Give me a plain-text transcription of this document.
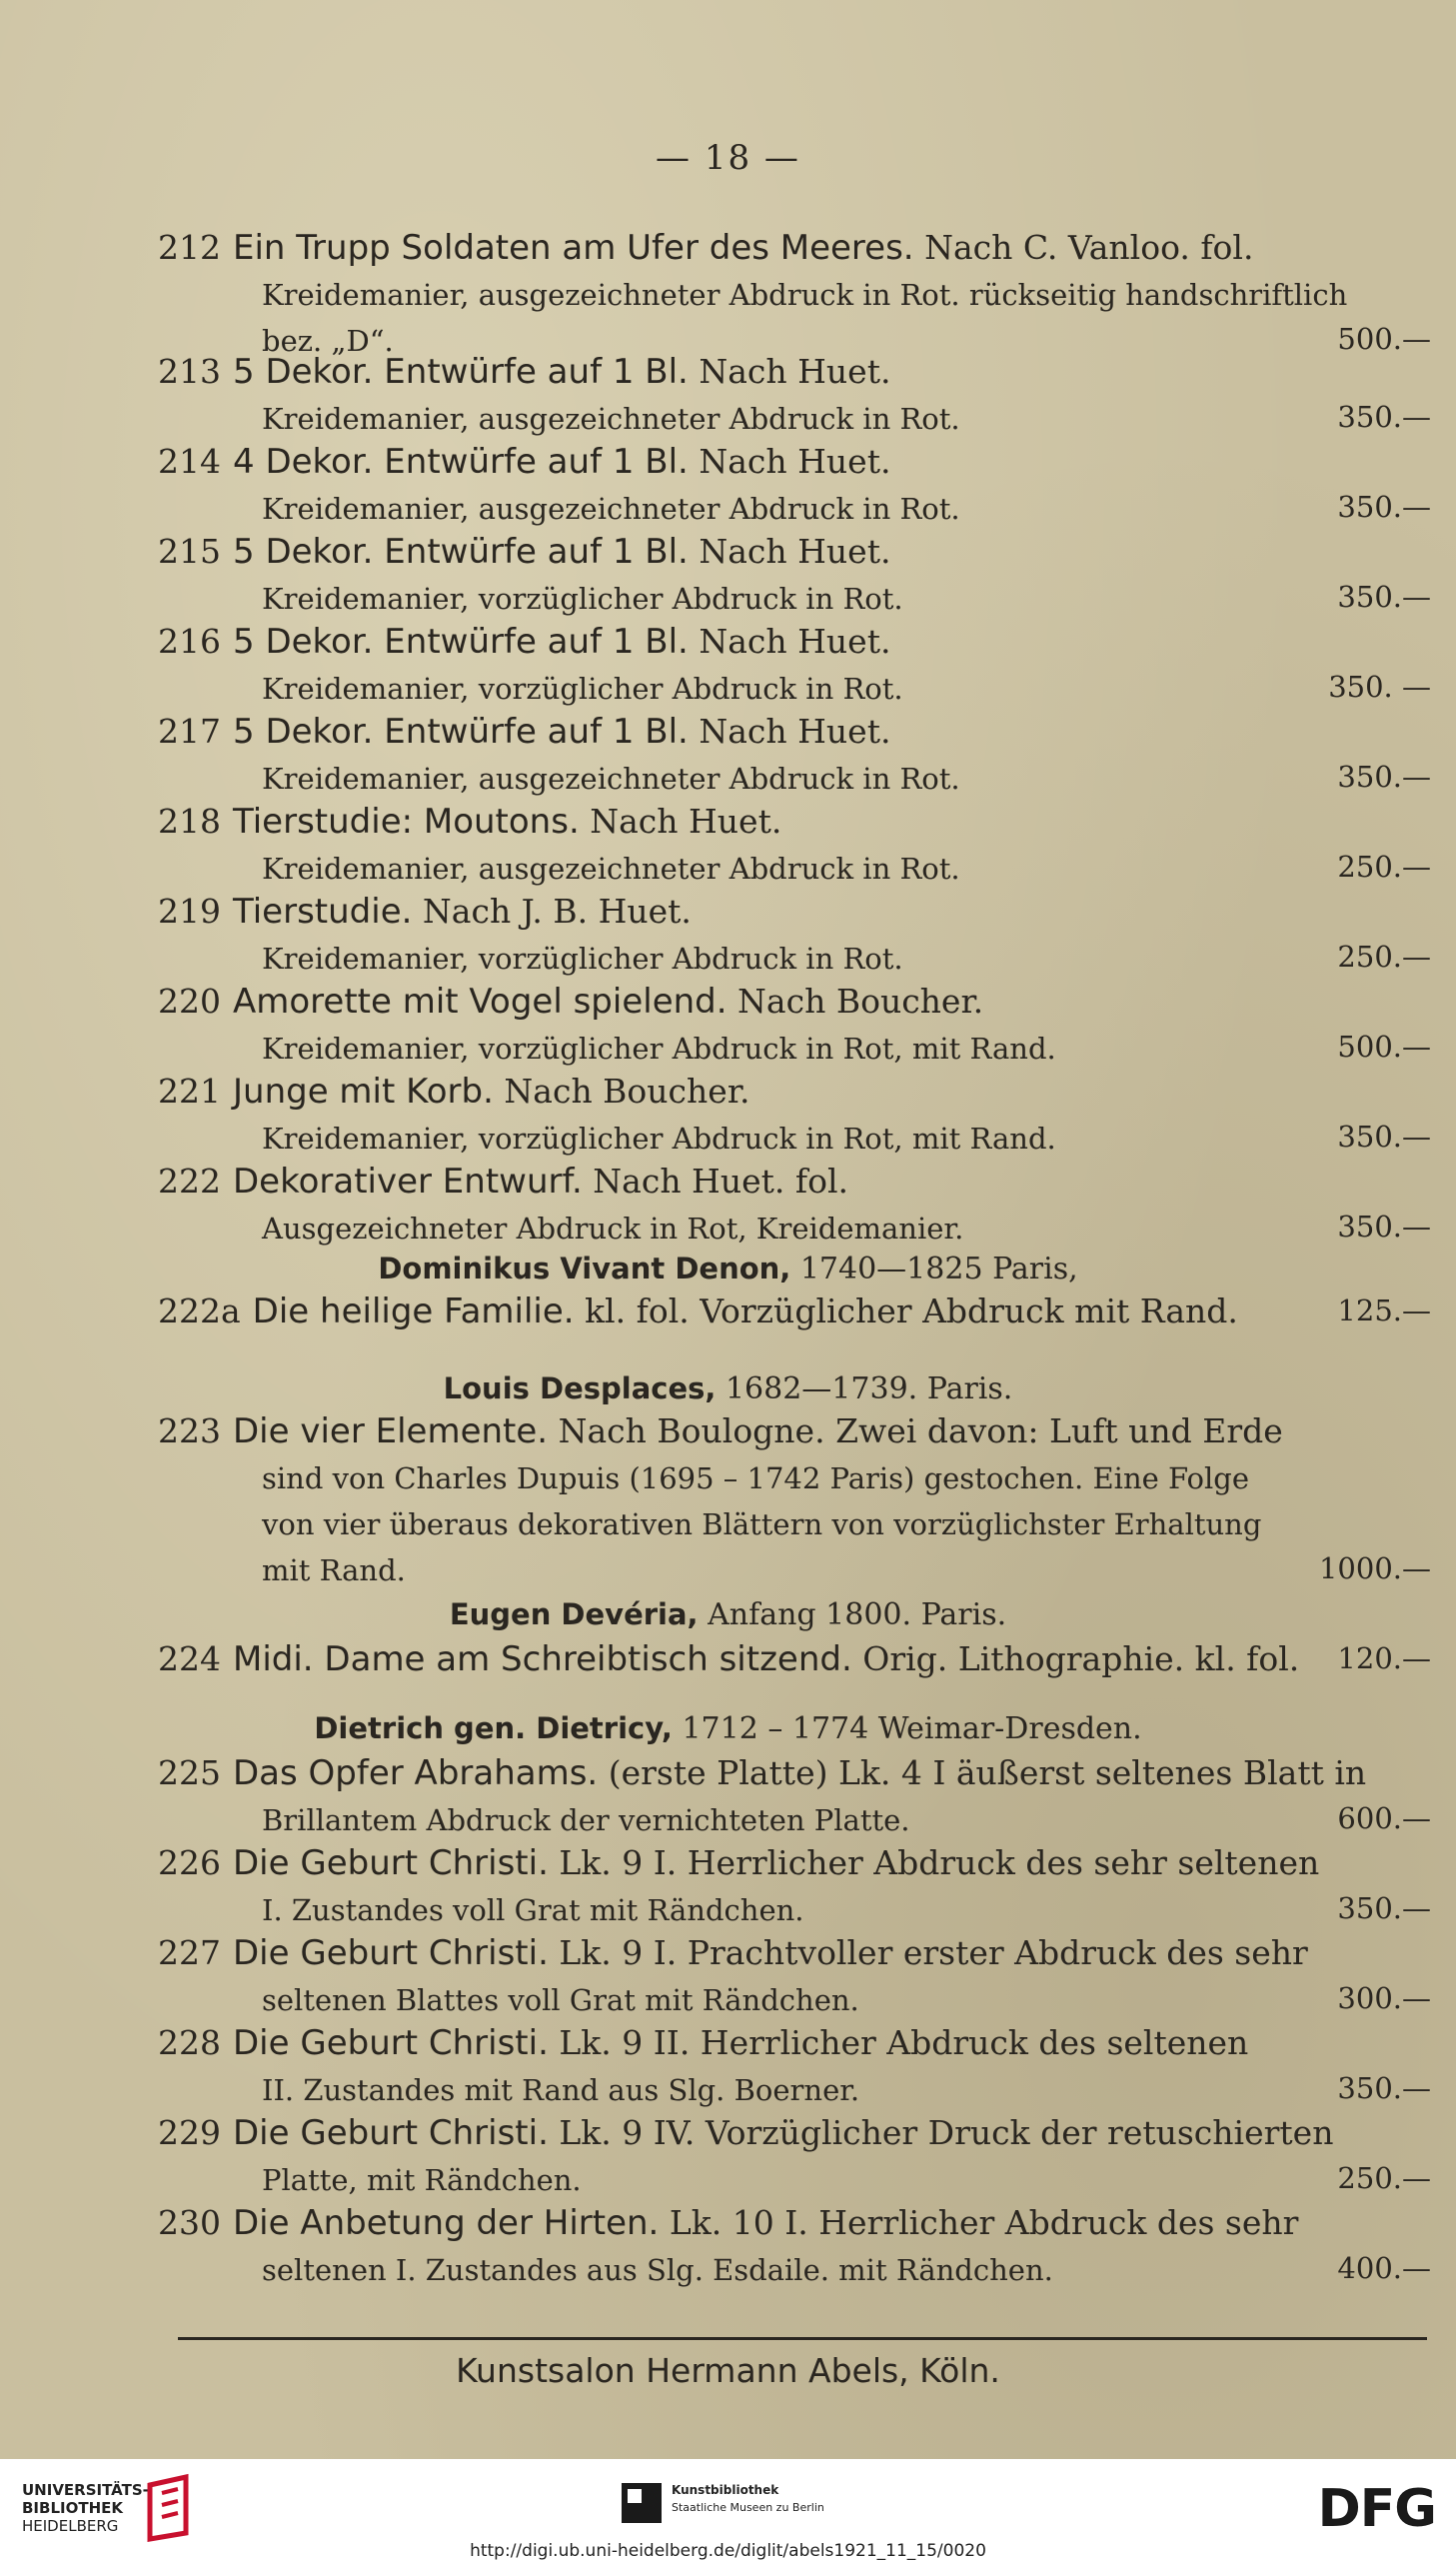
— 18 —
212 Ein Trupp Soldaten am Ufer des Meeres. Nach C. Vanloo. fol.
Kreidemanier, ausgezeichneter Abdruck in Rot. rückseitig handschriftlich
bez. „D“.	500.—
213 5 Dekor. Entwürfe auf 1 Bl. Nach Huet.
Kreidemanier, ausgezeichneter Abdruck in Rot.	350.—
214 4 Dekor. Entwürfe auf 1 Bl. Nach Huet.
Kreidemanier, ausgezeichneter Abdruck in Rot.	350.—
215 5 Dekor. Entwürfe auf 1 Bl. Nach Huet.
Kreidemanier, vorzüglicher Abdruck in Rot.	350.—
216 5 Dekor. Entwürfe auf 1 Bl. Nach Huet.
Kreidemanier, vorzüglicher Abdruck in Rot.	350. —
217 5 Dekor. Entwürfe auf 1 Bl. Nach Huet.
Kreidemanier, ausgezeichneter Abdruck in Rot.	350.—
218 Tierstudie: Moutons. Nach Huet.
Kreidemanier, ausgezeichneter Abdruck in Rot.	250.—
219 Tierstudie. Nach J. B. Huet.
Kreidemanier, vorzüglicher Abdruck in Rot.	250.—
220 Amorette mit Vogel spielend. Nach Boucher.
Kreidemanier, vorzüglicher Abdruck in Rot, mit Rand.	500.—
221 Junge mit Korb. Nach Boucher.
Kreidemanier, vorzüglicher Abdruck in Rot, mit Rand.	350.—
222 Dekorativer Entwurf. Nach Huet. fol.
Ausgezeichneter Abdruck in Rot, Kreidemanier.	350.—
Dominikus Vivant Denon, 1740—1825 Paris,
222a Die heilige Familie. kl. fol. Vorzüglicher Abdruck mit Rand.	125.—
Louis Desplaces, 1682—1739. Paris.
223 Die vier Elemente. Nach Boulogne. Zwei davon: Luft und Erde
sind von Charles Dupuis (1695 – 1742 Paris) gestochen. Eine Folge
von vier überaus dekorativen Blättern von vorzüglichster Erhaltung
mit Rand.	1000.—
Eugen Devéria, Anfang 1800. Paris.
224 Midi. Dame am Schreibtisch sitzend. Orig. Lithographie. kl. fol.	120.—
Dietrich gen. Dietricy, 1712 – 1774 Weimar-Dresden.
225 Das Opfer Abrahams. (erste Platte) Lk. 4 I äußerst seltenes Blatt in
Brillantem Abdruck der vernichteten Platte.	600.—
226 Die Geburt Christi. Lk. 9 I. Herrlicher Abdruck des sehr seltenen
I. Zustandes voll Grat mit Rändchen.	350.—
227 Die Geburt Christi. Lk. 9 I. Prachtvoller erster Abdruck des sehr
seltenen Blattes voll Grat mit Rändchen.	300.—
228 Die Geburt Christi. Lk. 9 II. Herrlicher Abdruck des seltenen
II. Zustandes mit Rand aus Slg. Boerner.	350.—
229 Die Geburt Christi. Lk. 9 IV. Vorzüglicher Druck der retuschierten
Platte, mit Rändchen.	250.—
230 Die Anbetung der Hirten. Lk. 10 I. Herrlicher Abdruck des sehr
seltenen I. Zustandes aus Slg. Esdaile. mit Rändchen.	400.—
Kunstsalon Hermann Abels, Köln.
UNIVERSITÄTS-
BIBLIOTHEK
HEIDELBERG
Kunstbibliothek
Staatliche Museen zu Berlin	DFG
http://digi.ub.uni-heidelberg.de/diglit/abels1921_11_15/0020
